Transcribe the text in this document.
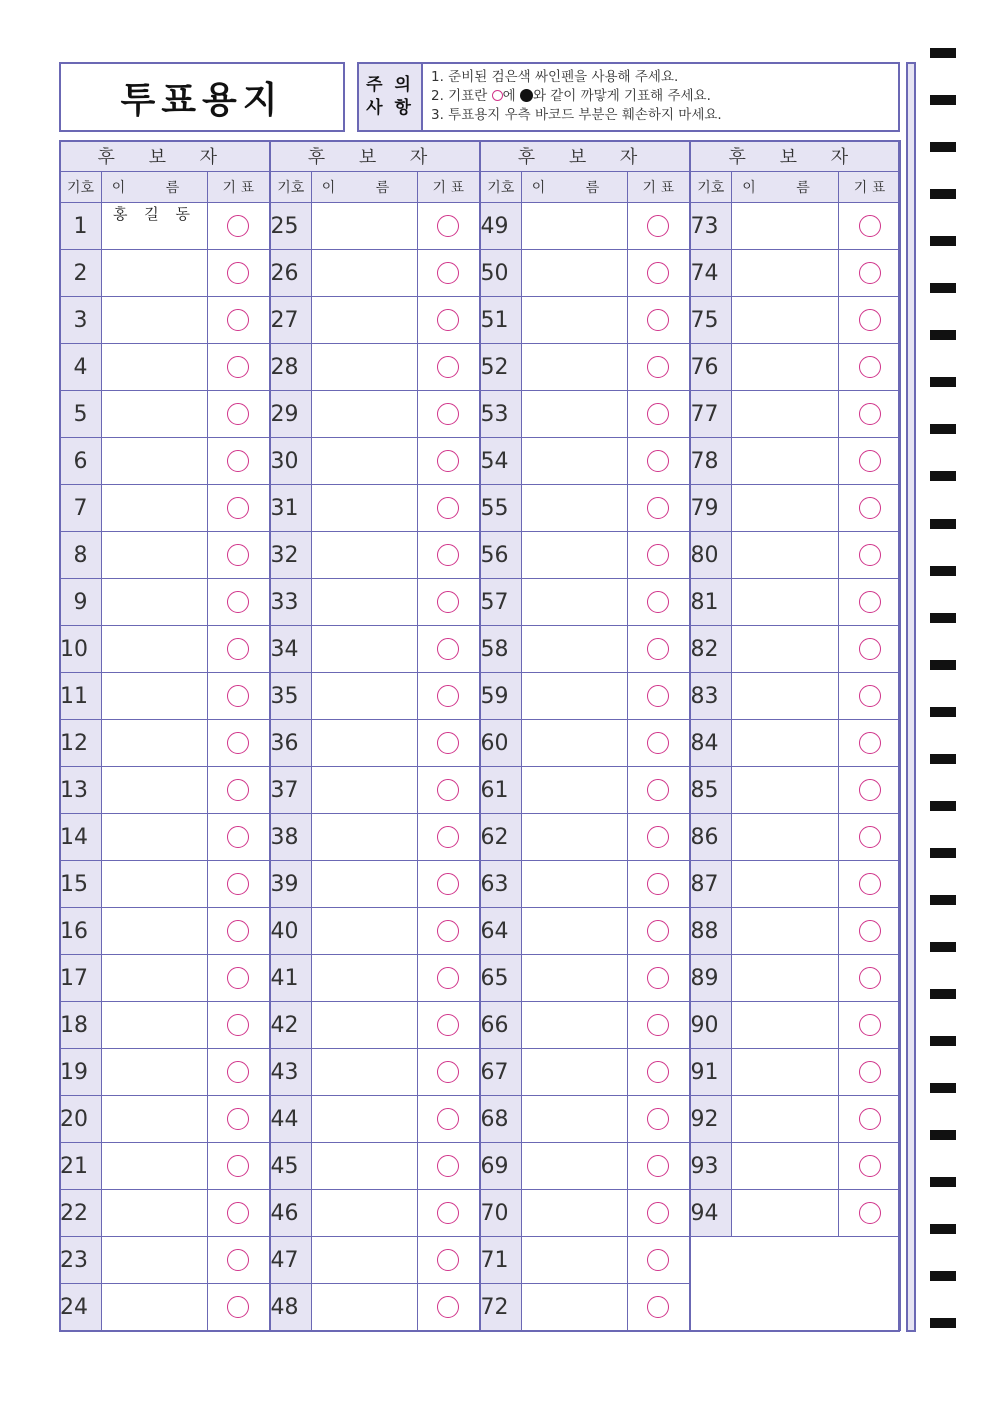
투표용지	주 의
사 항
1. 준비된 검은색 싸인펜을 사용해 주세요.
2. 기표란 에 와 같이 까맣게 기표해 주세요.
3. 투표용지 우측 바코드 부분은 훼손하지 마세요.
후 보 자			후 보 자			후 보 자			후 보 자		
기호	이 름	기 표	기호	이 름	기 표	기호	이 름	기 표	기호	이 름	기 표
1	홍 길 동		25			49			73		
2			26			50			74		
3			27			51			75		
4			28			52			76		
5			29			53			77		
6			30			54			78		
7			31			55			79		
8			32			56			80		
9			33			57			81		
10			34			58			82		
11			35			59			83		
12			36			60			84		
13			37			61			85		
14			38			62			86		
15			39			63			87		
16			40			64			88		
17			41			65			89		
18			42			66			90		
19			43			67			91		
20			44			68			92		
21			45			69			93		
22			46			70			94		
23			47			71					
24			48			72					
